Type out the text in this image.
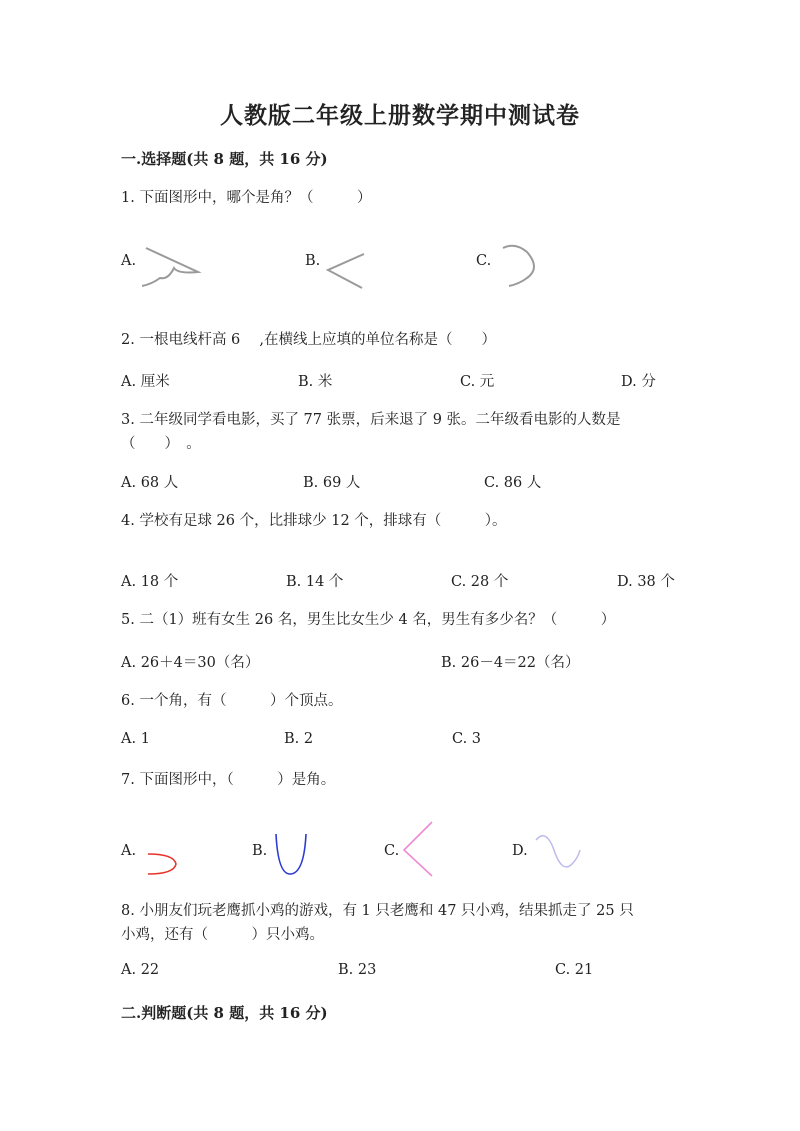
人教版二年级上册数学期中测试卷
一.选择题(共 8 题，共 16 分)
1. 下面图形中，哪个是角？（　　　）
A.	B.	C.
2. 一根电线杆高 6　 ,在横线上应填的单位名称是（　　）
A. 厘米	B. 米	C. 元	D. 分
3. 二年级同学看电影，买了 77 张票，后来退了 9 张。二年级看电影的人数是
（　　）　。
A. 68 人	B. 69 人	C. 86 人
4. 学校有足球 26 个，比排球少 12 个，排球有（　　　）。
A. 18 个	B. 14 个	C. 28 个	D. 38 个
5. 二（1）班有女生 26 名，男生比女生少 4 名，男生有多少名？（　　　）
A. 26＋4＝30（名）	B. 26－4＝22（名）
6. 一个角，有（　　　）个顶点。
A. 1	B. 2	C. 3
7. 下面图形中，（　　　）是角。
A.	B.	C.	D.
8. 小朋友们玩老鹰抓小鸡的游戏，有 1 只老鹰和 47 只小鸡，结果抓走了 25 只
小鸡，还有（　　　）只小鸡。
A. 22	B. 23	C. 21
二.判断题(共 8 题，共 16 分)
